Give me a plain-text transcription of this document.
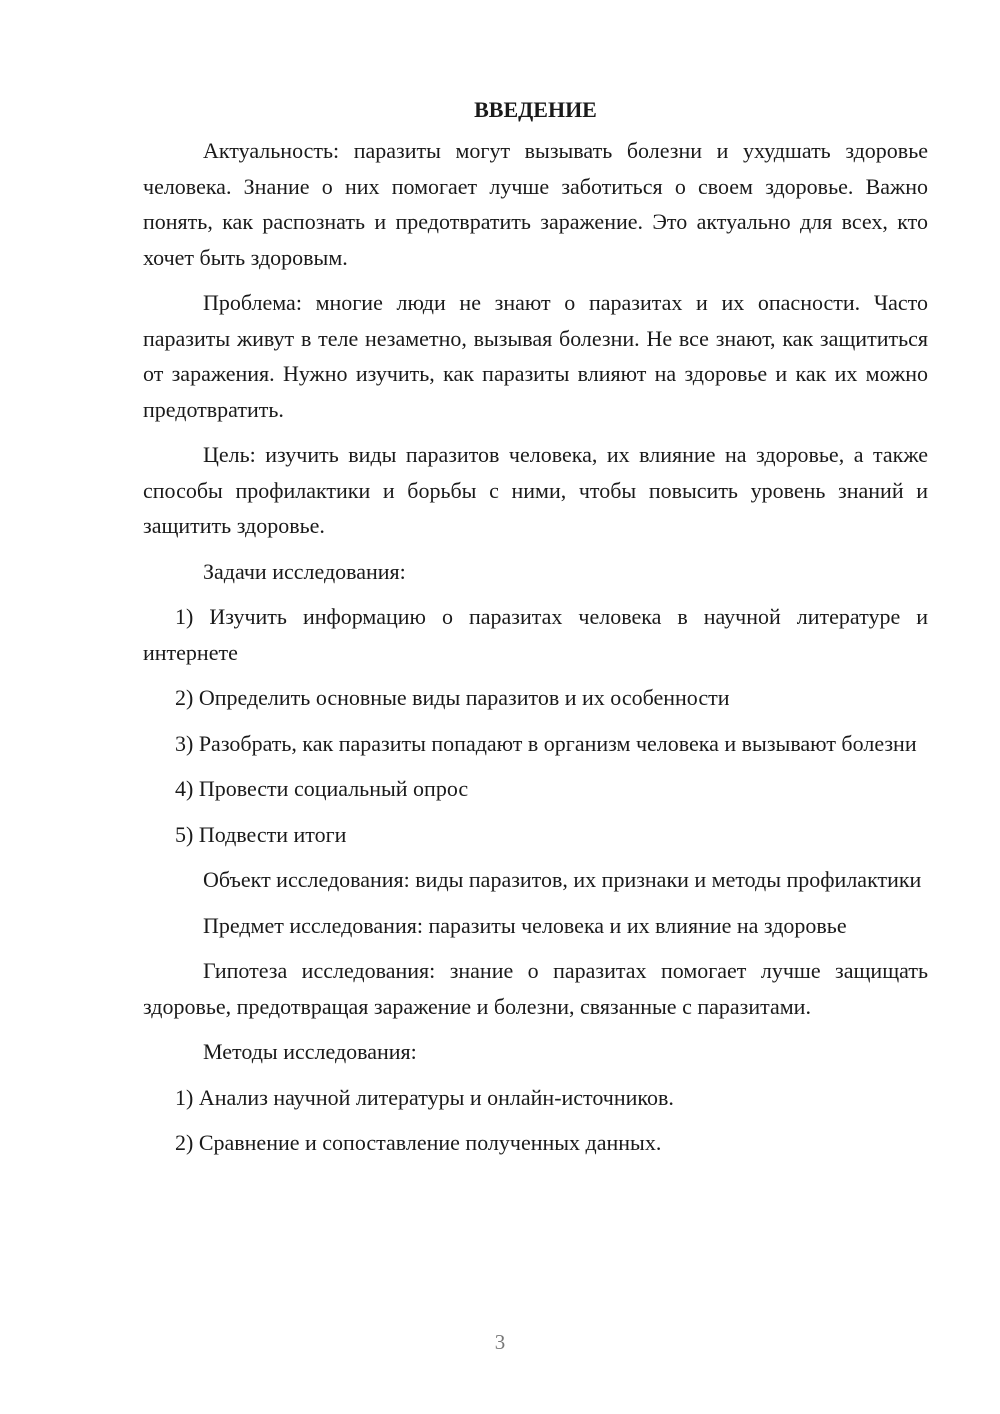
ВВЕДЕНИЕ

Актуальность: паразиты могут вызывать болезни и ухудшать здоровье человека. Знание о них помогает лучше заботиться о своем здоровье. Важно понять, как распознать и предотвратить заражение. Это актуально для всех, кто хочет быть здоровым.

Проблема: многие люди не знают о паразитах и их опасности. Часто паразиты живут в теле незаметно, вызывая болезни. Не все знают, как защититься от заражения. Нужно изучить, как паразиты влияют на здоровье и как их можно предотвратить.

Цель: изучить виды паразитов человека, их влияние на здоровье, а также способы профилактики и борьбы с ними, чтобы повысить уровень знаний и защитить здоровье.

Задачи исследования:

1) Изучить информацию о паразитах человека в научной литературе и интернете

2) Определить основные виды паразитов и их особенности

3) Разобрать, как паразиты попадают в организм человека и вызывают болезни

4) Провести социальный опрос

5) Подвести итоги

Объект исследования: виды паразитов, их признаки и методы профилактики

Предмет исследования: паразиты человека и их влияние на здоровье

Гипотеза исследования: знание о паразитах помогает лучше защищать здоровье, предотвращая заражение и болезни, связанные с паразитами.

Методы исследования:

1) Анализ научной литературы и онлайн-источников.

2) Сравнение и сопоставление полученных данных.

3
